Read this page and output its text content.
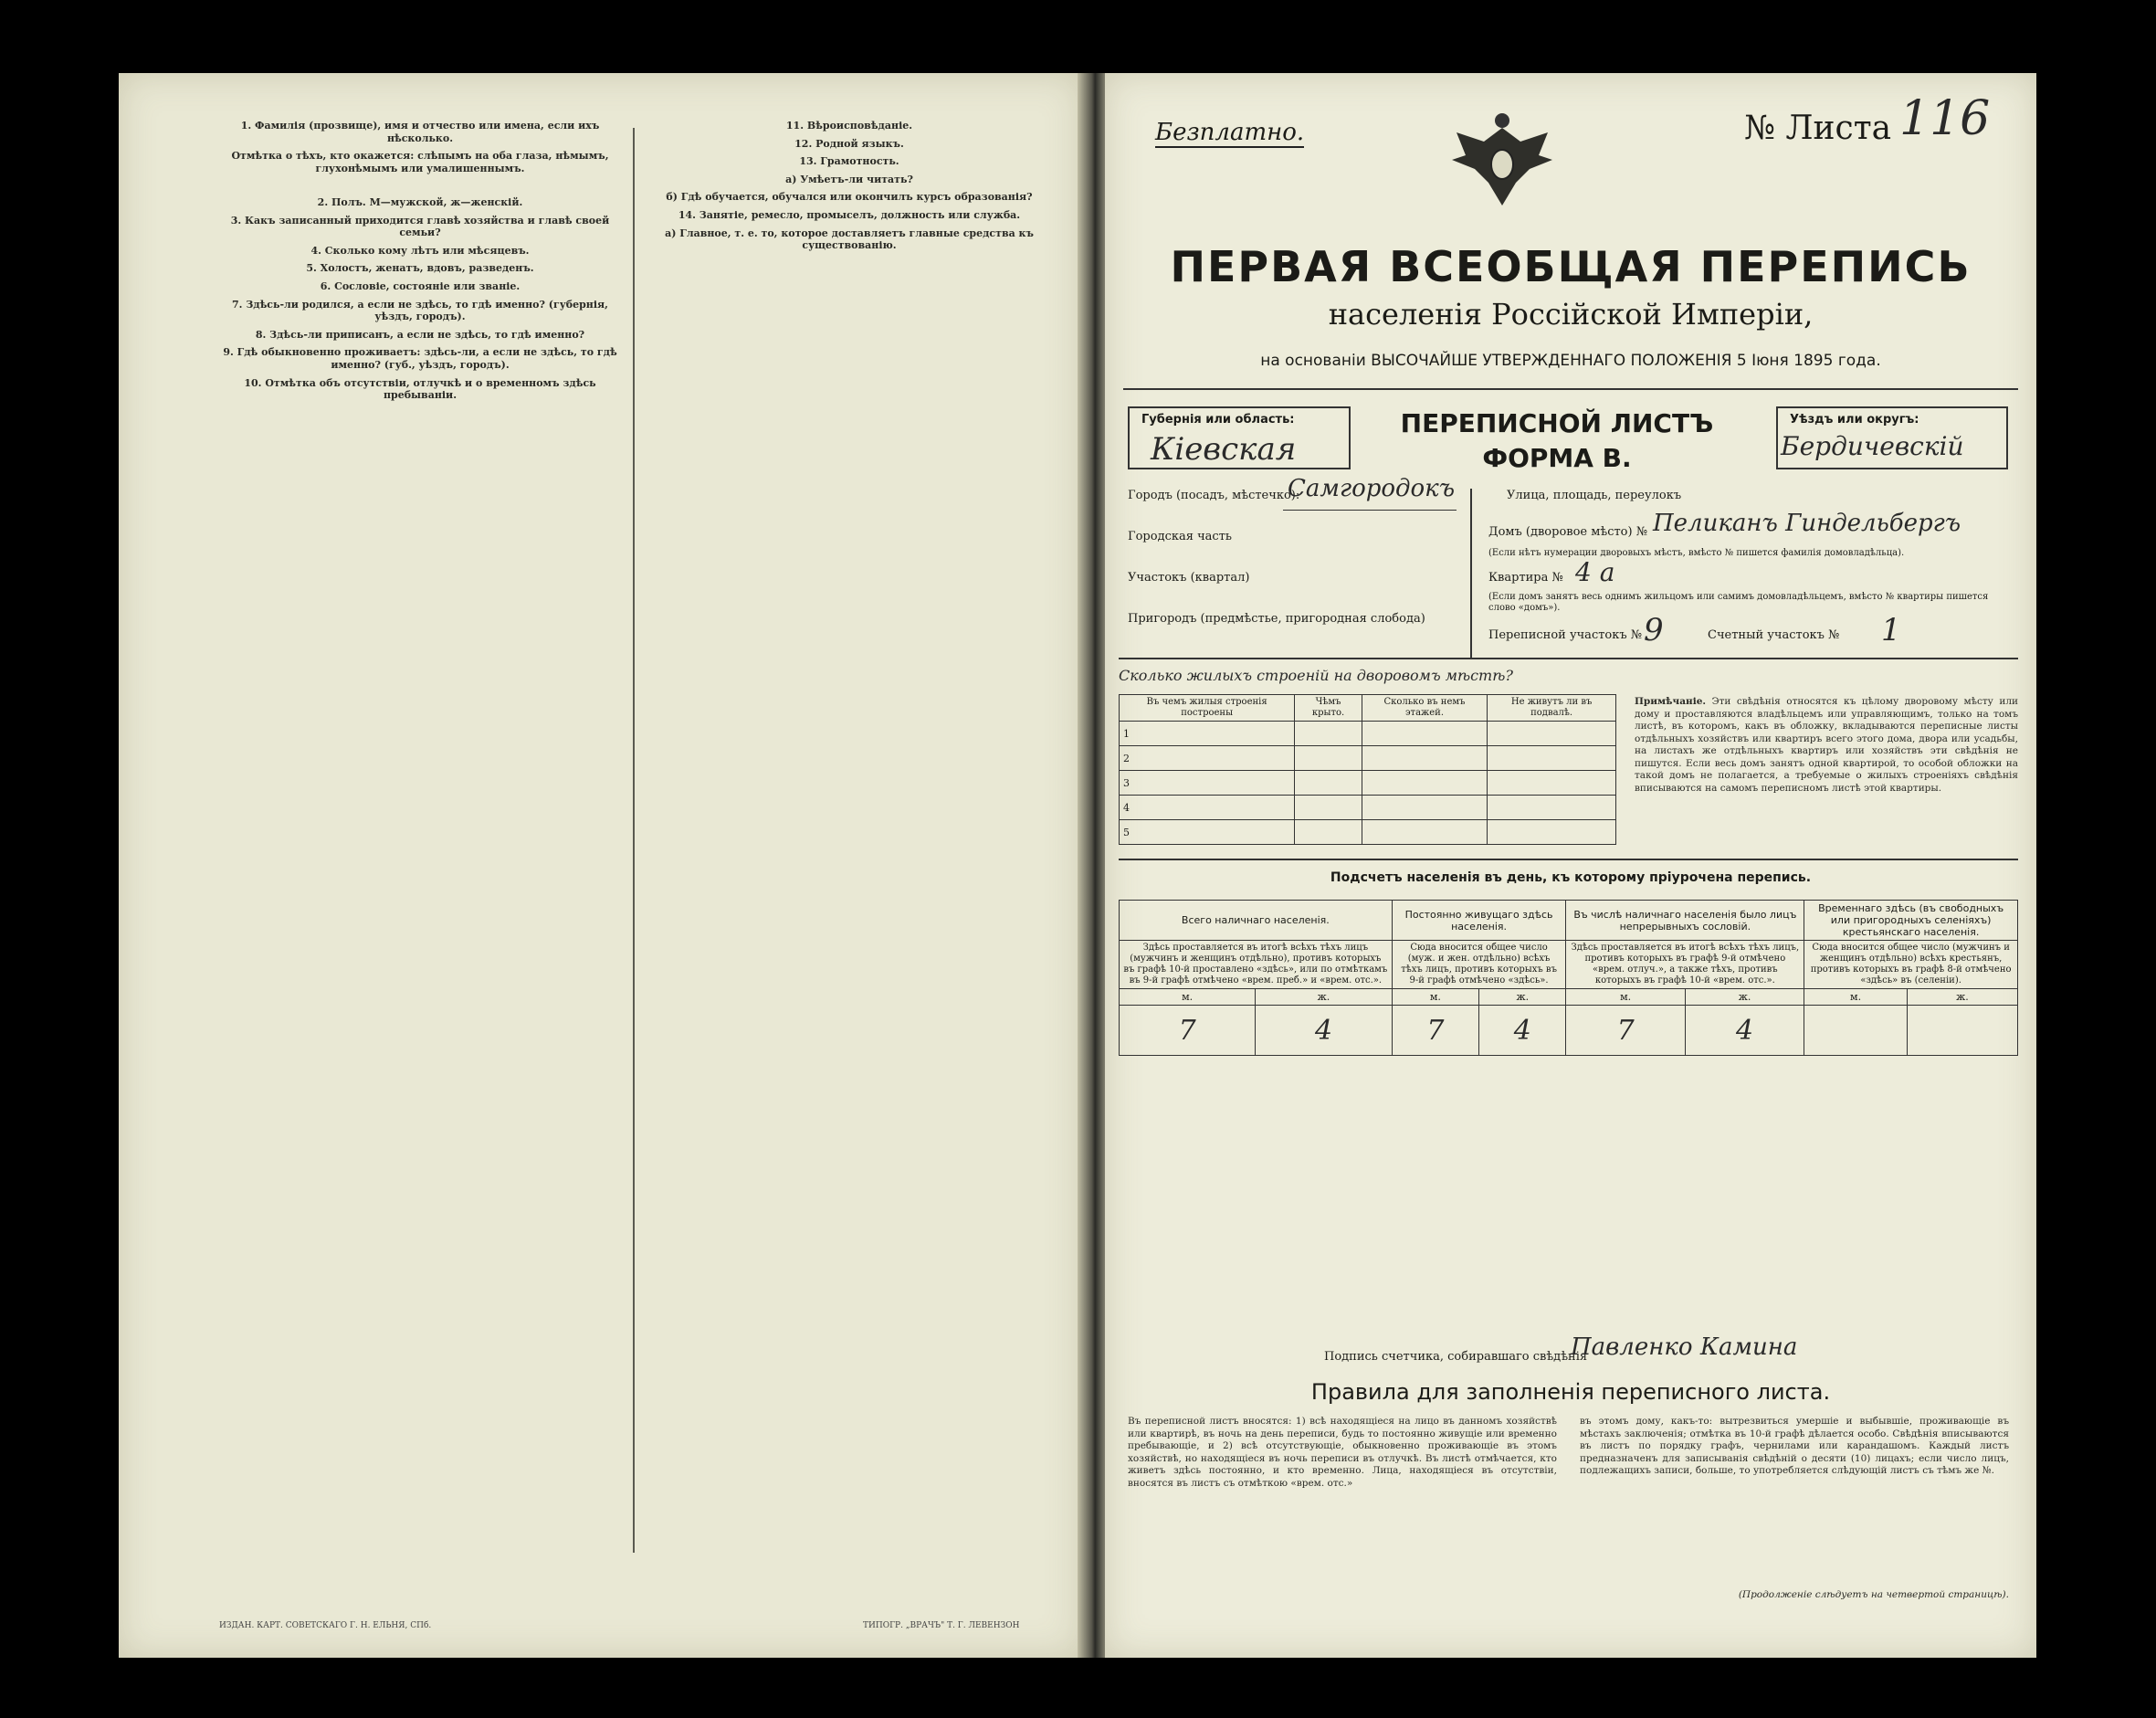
1. Фамилія (прозвище), имя и отчество или имена, если ихъ нѣсколько.
Отмѣтка о тѣхъ, кто окажется: слѣпымъ на оба глаза, нѣмымъ, глухонѣмымъ или умалишеннымъ.

2. Полъ. М—мужской, ж—женскій.
3. Какъ записанный приходится главѣ хозяйства и главѣ своей семьи?
4. Сколько кому лѣтъ или мѣсяцевъ.
5. Холостъ, женатъ, вдовъ, разведенъ.
6. Сословіе, состояніе или званіе.
7. Здѣсь-ли родился, а если не здѣсь, то гдѣ именно? (губернія, уѣздъ, городъ).
8. Здѣсь-ли приписанъ, а если не здѣсь, то гдѣ именно?
9. Гдѣ обыкновенно проживаетъ: здѣсь-ли, а если не здѣсь, то гдѣ именно? (губ., уѣздъ, городъ).
10. Отмѣтка объ отсутствіи, отлучкѣ и о временномъ здѣсь пребываніи.
11. Вѣроисповѣданіе.
12. Родной языкъ.
13. Грамотность.
а) Умѣетъ-ли читать?
б) Гдѣ обучается, обучался или окончилъ курсъ образованія?
14. Занятіе, ремесло, промыселъ, должность или служба.
а) Главное, т. е. то, которое доставляетъ главные средства къ существованію.
ИЗДАН. КАРТ. СОВЕТСКАГО Г. Н. ЕЛЬНЯ, СПб.	ТИПОГР. „ВРАЧЪ" Т. Г. ЛЕВЕНЗОН
Безплатно.	№ Листа 116
ПЕРВАЯ ВСЕОБЩАЯ ПЕРЕПИСЬ
населенія Россійской Имперіи,
на основаніи ВЫСОЧАЙШЕ УТВЕРЖДЕННАГО ПОЛОЖЕНІЯ 5 Іюня 1895 года.
Губернія или область:
Кіевская
ПЕРЕПИСНОЙ ЛИСТЪ
ФОРМА В.
Уѣздъ или округъ:
Бердичевскій
Городъ (посадъ, мѣстечко):
Самгородокъ
Городская часть
Участокъ (квартал)
Пригородъ (предмѣстье, пригородная слобода)
Улица, площадь, переулокъ
Домъ (дворовое мѣсто) № Пеликанъ Гиндельбергъ
(Если нѣтъ нумерации дворовыхъ мѣстъ, вмѣсто № пишется фамилія домовладѣльца).
Квартира № 4 а
(Если домъ занятъ весь однимъ жильцомъ или самимъ домовладѣльцемъ, вмѣсто № квартиры пишется слово «домъ»).
Переписной участокъ № 9	Счетный участокъ № 1
Сколько жилыхъ строеній на дворовомъ мѣстѣ?
Въ чемъ жилыя строенія построены	Чѣмъ крыто.	Сколько въ немъ этажей.	Не живутъ ли въ подвалѣ.
1			
2			
3			
4			
5			
Примѣчаніе. Эти свѣдѣнія относятся къ цѣлому дворовому мѣсту или дому и проставляются владѣльцемъ или управляющимъ, только на томъ листѣ, въ которомъ, какъ въ обложку, вкладываются переписные листы отдѣльныхъ хозяйствъ или квартиръ всего этого дома, двора или усадьбы, на листахъ же отдѣльныхъ квартиръ или хозяйствъ эти свѣдѣнія не пишутся. Если весь домъ занятъ одной квартирой, то особой обложки на такой домъ не полагается, а требуемые о жилыхъ строеніяхъ свѣдѣнія вписываются на самомъ переписномъ листѣ этой квартиры.
Подсчетъ населенія въ день, къ которому пріурочена перепись.
Всего наличнаго населенія.		Постоянно живущаго здѣсь населенія.		Въ числѣ наличнаго населенія было лицъ непрерывныхъ сословій.		Временнаго здѣсь (въ свободныхъ или пригородныхъ селеніяхъ) крестьянскаго населенія.	
Здѣсь проставляется въ итогѣ всѣхъ тѣхъ лицъ (мужчинъ и женщинъ отдѣльно), противъ которыхъ въ графѣ 10-й проставлено «здѣсь», или по отмѣткамъ въ 9-й графѣ отмѣчено «врем. преб.» и «врем. отс.».		Сюда вносится общее число (муж. и жен. отдѣльно) всѣхъ тѣхъ лицъ, противъ которыхъ въ 9-й графѣ отмѣчено «здѣсь».		Здѣсь проставляется въ итогѣ всѣхъ тѣхъ лицъ, противъ которыхъ въ графѣ 9-й отмѣчено «врем. отлуч.», а также тѣхъ, противъ которыхъ въ графѣ 10-й «врем. отс.».		Сюда вносится общее число (мужчинъ и женщинъ отдѣльно) всѣхъ крестьянъ, противъ которыхъ въ графѣ 8-й отмѣчено «здѣсь» въ (селеніи).	
м.	ж.	м.	ж.	м.	ж.	м.	ж.
7	4	7	4	7	4		
Подпись счетчика, собиравшаго свѣдѣнія
Павленко Камина
Правила для заполненія переписного листа.
Въ переписной листъ вносятся: 1) всѣ находящіеся на лицо въ данномъ хозяйствѣ или квартирѣ, въ ночь на день переписи, будь то постоянно живущіе или временно пребывающіе, и 2) всѣ отсутствующіе, обыкновенно проживающіе въ этомъ хозяйствѣ, но находящіеся въ ночь переписи въ отлучкѣ. Въ листѣ отмѣчается, кто живетъ здѣсь постоянно, и кто временно. Лица, находящіеся въ отсутствіи, вносятся въ листъ съ отмѣткою «врем. отс.»
въ этомъ дому, какъ-то: вытрезвиться умершіе и выбывшіе, проживающіе въ мѣстахъ заключенія; отмѣтка въ 10-й графѣ дѣлается особо. Свѣдѣнія вписываются въ листъ по порядку графъ, чернилами или карандашомъ. Каждый листъ предназначенъ для записыванія свѣдѣній о десяти (10) лицахъ; если число лицъ, подлежащихъ записи, больше, то употребляется слѣдующій листъ съ тѣмъ же №.
(Продолженіе слѣдуетъ на четвертой страницѣ).
